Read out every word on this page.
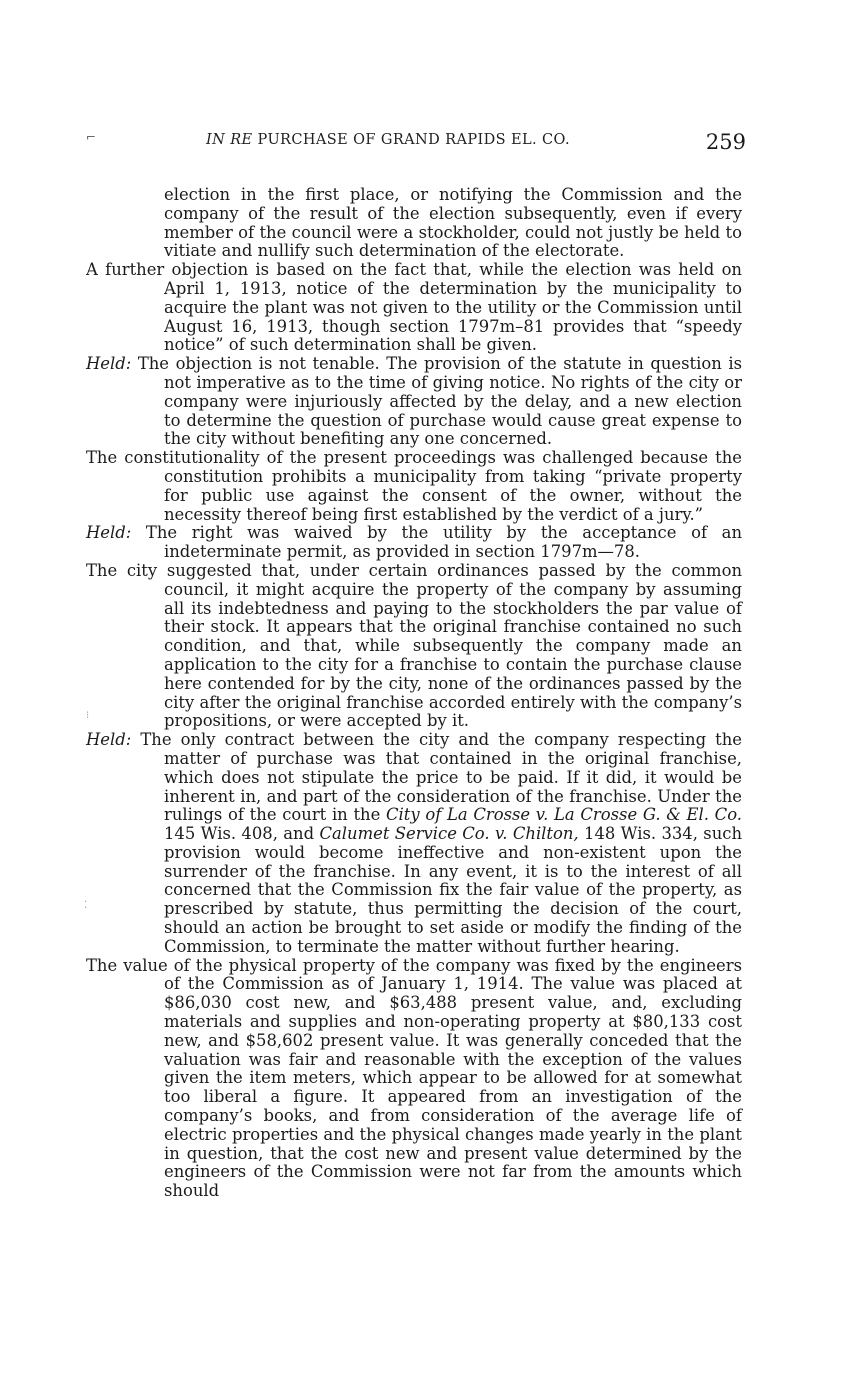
⌐	IN RE PURCHASE OF GRAND RAPIDS EL. CO.	259
⁝
⁚

election in the first place, or notifying the Commission and the company of the result of the election subsequently, even if every member of the council were a stockholder, could not justly be held to vitiate and nullify such determination of the electorate.

A further objection is based on the fact that, while the election was held on April 1, 1913, notice of the determination by the municipality to acquire the plant was not given to the utility or the Commission until August 16, 1913, though section 1797m–81 provides that “speedy notice” of such determination shall be given.

Held: The objection is not tenable. The provision of the statute in question is not imperative as to the time of giving notice. No rights of the city or company were injuriously affected by the delay, and a new election to determine the question of purchase would cause great expense to the city without benefiting any one concerned.

The constitutionality of the present proceedings was challenged because the constitution prohibits a municipality from taking “private property for public use against the consent of the owner, without the necessity thereof being first established by the verdict of a jury.”

Held: The right was waived by the utility by the acceptance of an indeterminate permit, as provided in section 1797m—78.

The city suggested that, under certain ordinances passed by the common council, it might acquire the property of the company by assuming all its indebtedness and paying to the stockholders the par value of their stock. It appears that the original franchise contained no such condition, and that, while subsequently the company made an application to the city for a franchise to contain the purchase clause here contended for by the city, none of the ordinances passed by the city after the original franchise accorded entirely with the company’s propositions, or were accepted by it.

Held: The only contract between the city and the company respecting the matter of purchase was that contained in the original franchise, which does not stipulate the price to be paid. If it did, it would be inherent in, and part of the consideration of the franchise. Under the rulings of the court in the City of La Crosse v. La Crosse G. & El. Co. 145 Wis. 408, and Calumet Service Co. v. Chilton, 148 Wis. 334, such provision would become ineffective and non-existent upon the surrender of the franchise. In any event, it is to the interest of all concerned that the Commission fix the fair value of the property, as prescribed by statute, thus permitting the decision of the court, should an action be brought to set aside or modify the finding of the Commission, to terminate the matter without further hearing.

The value of the physical property of the company was fixed by the engineers of the Commission as of January 1, 1914. The value was placed at $86,030 cost new, and $63,488 present value, and, excluding materials and supplies and non-operating property at $80,133 cost new, and $58,602 present value. It was generally conceded that the valuation was fair and reasonable with the exception of the values given the item meters, which appear to be allowed for at somewhat too liberal a figure. It appeared from an investigation of the company’s books, and from consideration of the average life of electric properties and the physical changes made yearly in the plant in question, that the cost new and present value determined by the engineers of the Commission were not far from the amounts which should
